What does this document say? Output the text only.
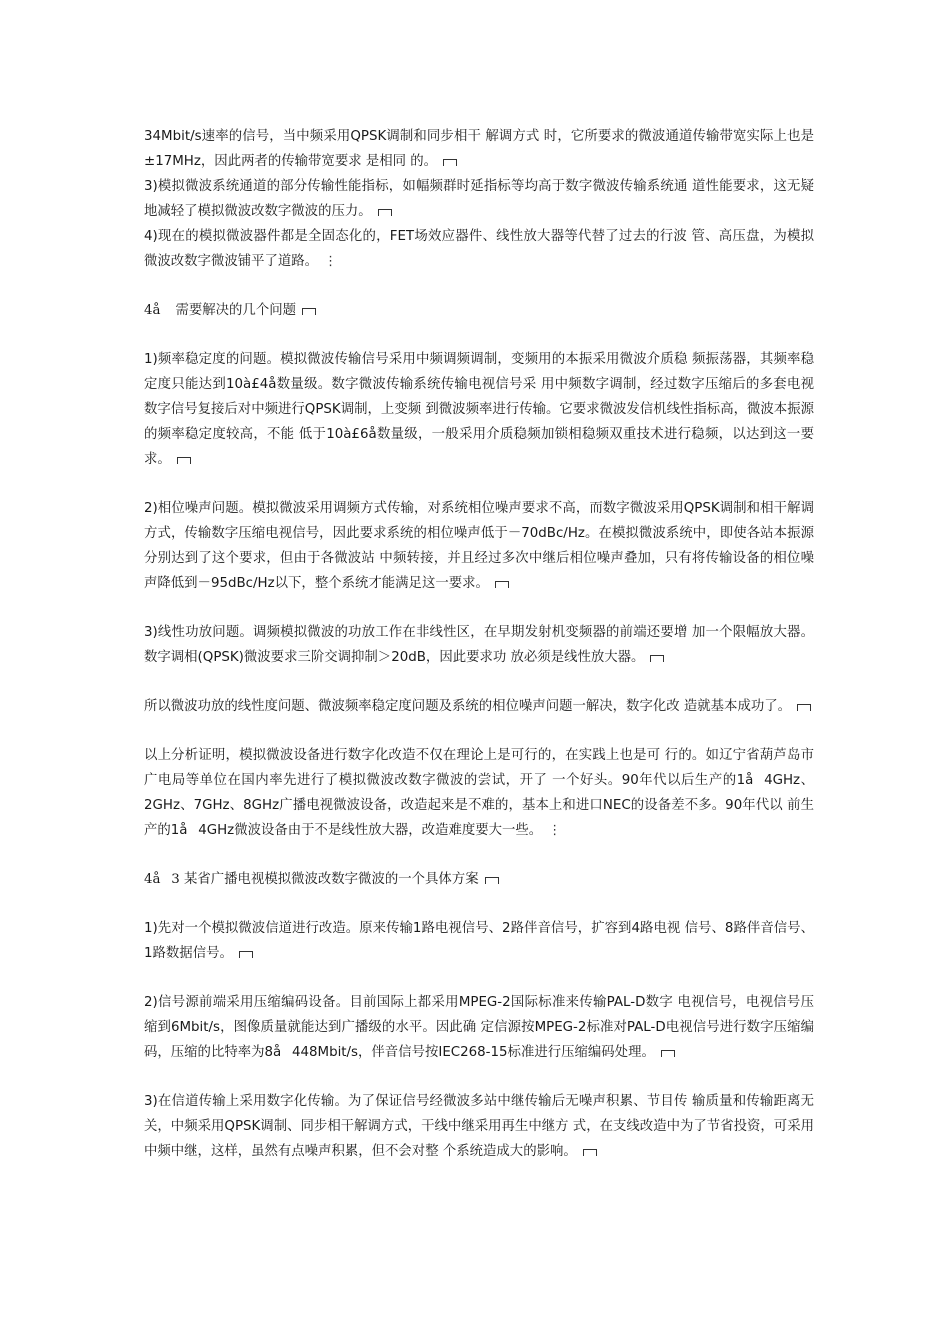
34Mbit/s速率的信号，当中频采用QPSK调制和同步相干 解调方式 时，它所要求的微波通道传输带宽实际上也是±17MHz，因此两者的传输带宽要求 是相同 的。

3)模拟微波系统通道的部分传输性能指标，如幅频群时延指标等均高于数字微波传输系统通 道性能要求，这无疑地减轻了模拟微波改数字微波的压力。

4)现在的模拟微波器件都是全固态化的，FET场效应器件、线性放大器等代替了过去的行波 管、高压盘，为模拟微波改数字微波铺平了道路。 ⋮

4å 需要解决的几个问题

1)频率稳定度的问题。模拟微波传输信号采用中频调频调制，变频用的本振采用微波介质稳 频振荡器，其频率稳定度只能达到10à£4å数量级。数字微波传输系统传输电视信号采 用中频数字调制，经过数字压缩后的多套电视数字信号复接后对中频进行QPSK调制，上变频 到微波频率进行传输。它要求微波发信机线性指标高，微波本振源的频率稳定度较高，不能 低于10à£6å数量级，一般采用介质稳频加锁相稳频双重技术进行稳频，以达到这一要 求。

2)相位噪声问题。模拟微波采用调频方式传输，对系统相位噪声要求不高，而数字微波采用QPSK调制和相干解调方式，传输数字压缩电视信号，因此要求系统的相位噪声低于－70dBc/Hz。在模拟微波系统中，即使各站本振源分别达到了这个要求，但由于各微波站 中频转接，并且经过多次中继后相位噪声叠加，只有将传输设备的相位噪声降低到－95dBc/Hz以下，整个系统才能满足这一要求。

3)线性功放问题。调频模拟微波的功放工作在非线性区，在早期发射机变频器的前端还要增 加一个限幅放大器。数字调相(QPSK)微波要求三阶交调抑制＞20dB，因此要求功 放必须是线性放大器。

所以微波功放的线性度问题、微波频率稳定度问题及系统的相位噪声问题一解决，数字化改 造就基本成功了。

以上分析证明，模拟微波设备进行数字化改造不仅在理论上是可行的，在实践上也是可 行的。如辽宁省葫芦岛市广电局等单位在国内率先进行了模拟微波改数字微波的尝试，开了 一个好头。90年代以后生产的1å4GHz、2GHz、7GHz、8GHz广播电视微波设备，改造起来是不难的，基本上和进口NEC的设备差不多。90年代以 前生产的1å4GHz微波设备由于不是线性放大器，改造难度要大一些。 ⋮

4å3 某省广播电视模拟微波改数字微波的一个具体方案

1)先对一个模拟微波信道进行改造。原来传输1路电视信号、2路伴音信号，扩容到4路电视 信号、8路伴音信号、1路数据信号。

2)信号源前端采用压缩编码设备。目前国际上都采用MPEG-2国际标准来传输PAL-D数字 电视信号，电视信号压缩到6Mbit/s，图像质量就能达到广播级的水平。因此确 定信源按MPEG-2标准对PAL-D电视信号进行数字压缩编码，压缩的比特率为8å448Mbit/s，伴音信号按IEC268-15标准进行压缩编码处理。

3)在信道传输上采用数字化传输。为了保证信号经微波多站中继传输后无噪声积累、节目传 输质量和传输距离无关，中频采用QPSK调制、同步相干解调方式，干线中继采用再生中继方 式，在支线改造中为了节省投资，可采用中频中继，这样，虽然有点噪声积累，但不会对整 个系统造成大的影响。
